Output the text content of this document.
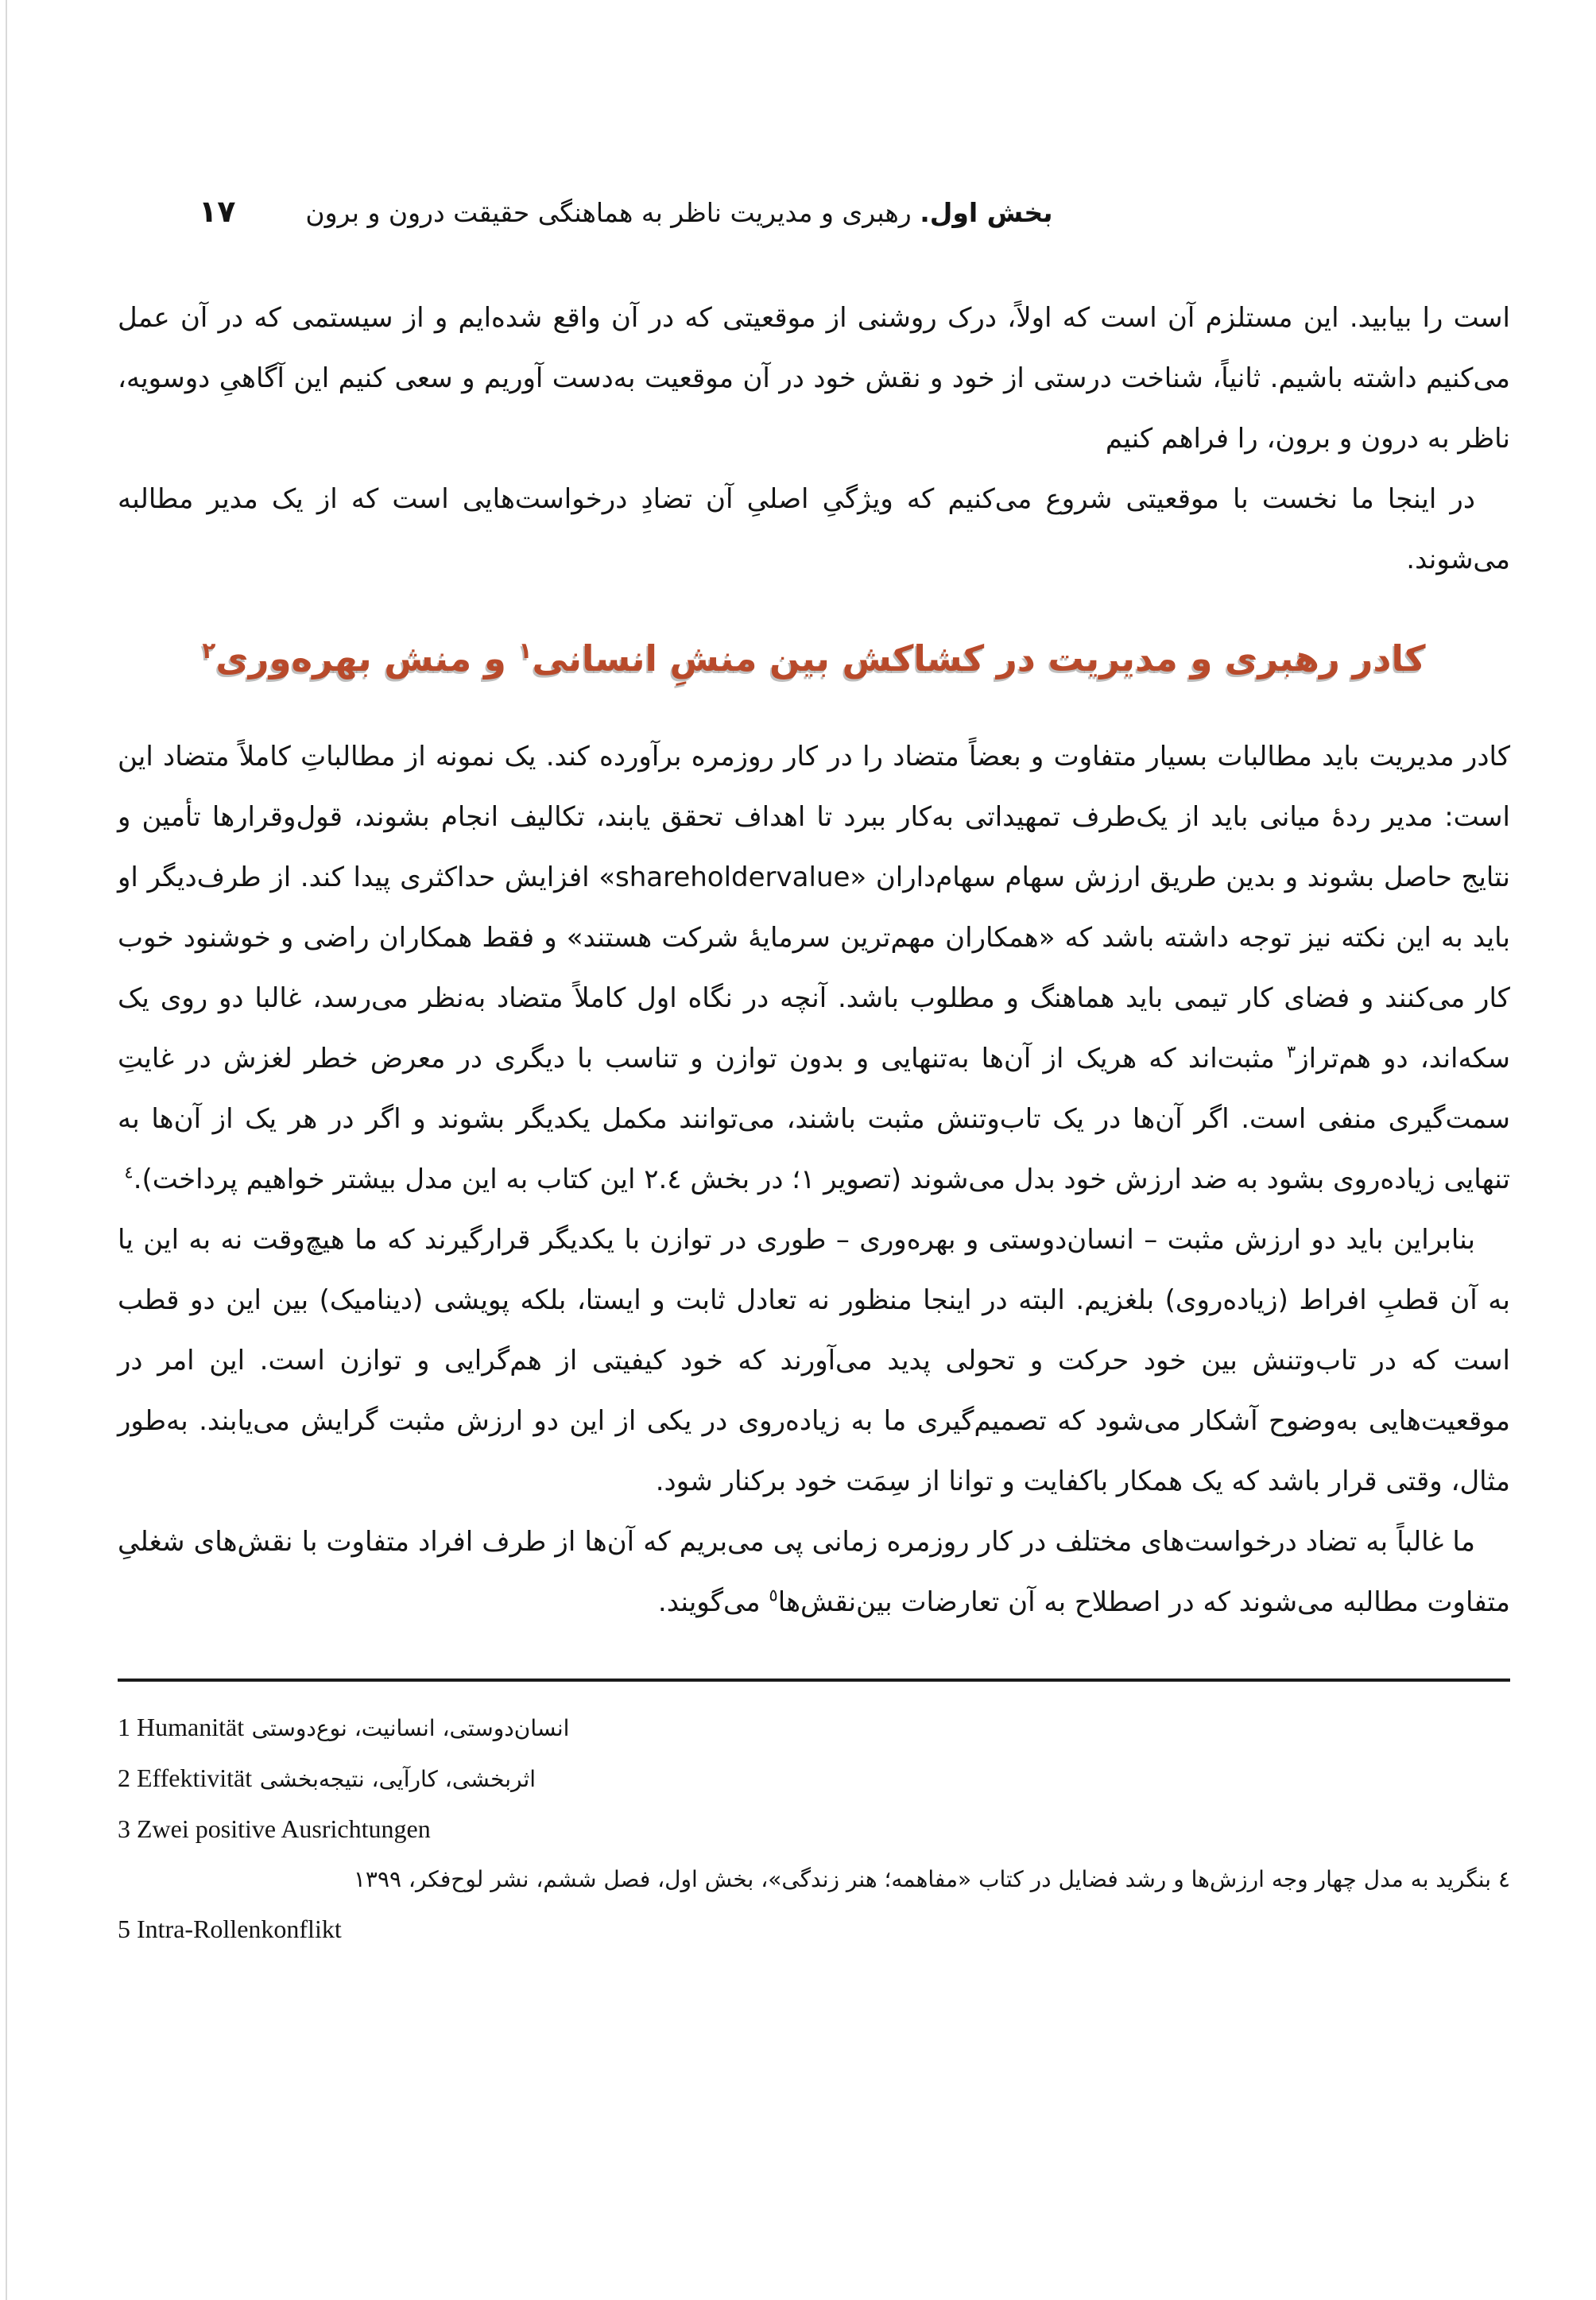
١٧	بخش اول. رهبری و مدیریت ناظر به هماهنگی حقیقت درون و برون

است را بیابید. این مستلزم آن است که اولاً، درک روشنی از موقعیتی که در آن واقع شده‌ایم و از سیستمی که در آن عمل می‌کنیم داشته باشیم. ثانیاً، شناخت درستی از خود و نقش خود در آن موقعیت به‌دست آوریم و سعی کنیم این آگاهیِ دوسویه، ناظر به درون و برون، را فراهم کنیم

در اینجا ما نخست با موقعیتی شروع می‌کنیم که ویژگیِ اصلیِ آن تضادِ درخواست‌هایی است که از یک مدیر مطالبه می‌شوند.

کادر رهبری و مدیریت در کشاکش بین منشِ انسانی$^١$ و منش بهره‌وری$^٢$

کادر مدیریت باید مطالبات بسیار متفاوت و بعضاً متضاد را در کار روزمره برآورده کند. یک نمونه از مطالباتِ کاملاً متضاد این است: مدیر ردهٔ میانی باید از یک‌طرف تمهیداتی به‌کار ببرد تا اهداف تحقق یابند، تکالیف انجام بشوند، قول‌وقرارها تأمین و نتایج حاصل بشوند و بدین طریق ارزش سهام سهام‌داران «shareholdervalue» افزایش حداکثری پیدا کند. از طرف‌دیگر او باید به این نکته نیز توجه داشته باشد که «همکاران مهم‌ترین سرمایهٔ شرکت هستند» و فقط همکاران راضی و خوشنود خوب کار می‌کنند و فضای کار تیمی باید هماهنگ و مطلوب باشد. آنچه در نگاه اول کاملاً متضاد به‌نظر می‌رسد، غالبا دو روی یک سکه‌اند، دو هم‌تراز$^٣$ مثبت‌اند که هریک از آن‌ها به‌تنهایی و بدون توازن و تناسب با دیگری در معرض خطر لغزش در غایتِ سمت‌گیری منفی است. اگر آن‌ها در یک تاب‌وتنش مثبت باشند، می‌توانند مکمل یکدیگر بشوند و اگر در هر یک از آن‌ها به تنهایی زیاده‌روی بشود به ضد ارزش خود بدل می‌شوند (تصویر ١؛ در بخش ٢.٤ این کتاب به این مدل بیشتر خواهیم پرداخت).$^٤$

بنابراین باید دو ارزش مثبت – انسان‌دوستی و بهره‌وری – طوری در توازن با یکدیگر قرارگیرند که ما هیچ‌وقت نه به این یا به آن قطبِ افراط (زیاده‌روی) بلغزیم. البته در اینجا منظور نه تعادل ثابت و ایستا، بلکه پویشی (دینامیک) بین این دو قطب است که در تاب‌وتنش بین خود حرکت و تحولی پدید می‌آورند که خود کیفیتی از هم‌گرایی و توازن است. این امر در موقعیت‌هایی به‌وضوح آشکار می‌شود که تصمیم‌گیری ما به زیاده‌روی در یکی از این دو ارزش مثبت گرایش می‌یابند. به‌طور مثال، وقتی قرار باشد که یک همکار باکفایت و توانا از سِمَت خود برکنار شود.

ما غالباً به تضاد درخواست‌های مختلف در کار روزمره زمانی پی می‌بریم که آن‌ها از طرف افراد متفاوت با نقش‌های شغلیِ متفاوت مطالبه می‌شوند که در اصطلاح به آن تعارضات بین‌نقش‌ها$^٥$ می‌گویند.

1 Humanität انسان‌دوستی، انسانیت، نوع‌دوستی
2 Effektivität اثربخشی، کارآیی، نتیجه‌بخشی
3 Zwei positive Ausrichtungen
٤ بنگرید به مدل چهار وجه ارزش‌ها و رشد فضایل در کتاب «مفاهمه؛ هنر زندگی»، بخش اول، فصل ششم، نشر لوح‌فکر، ١٣٩٩
5 Intra-Rollenkonflikt
